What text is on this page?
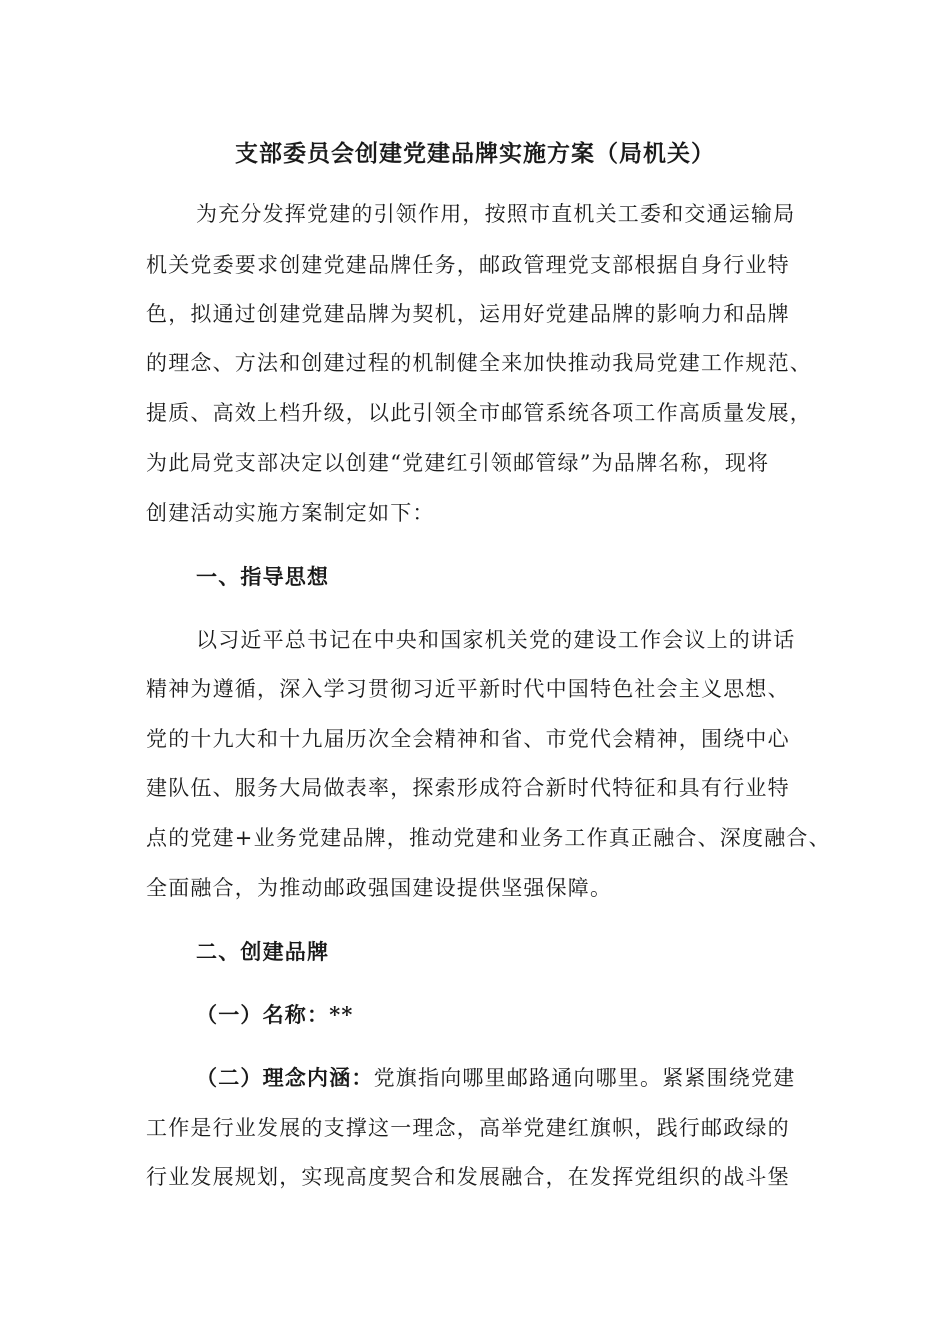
支部委员会创建党建品牌实施方案（局机关）
为充分发挥党建的引领作用，按照市直机关工委和交通运输局
机关党委要求创建党建品牌任务，邮政管理党支部根据自身行业特
色，拟通过创建党建品牌为契机，运用好党建品牌的影响力和品牌
的理念、方法和创建过程的机制健全来加快推动我局党建工作规范、
提质、高效上档升级，以此引领全市邮管系统各项工作高质量发展，
为此局党支部决定以创建“党建红引领邮管绿”为品牌名称，现将
创建活动实施方案制定如下：
一、指导思想
以习近平总书记在中央和国家机关党的建设工作会议上的讲话
精神为遵循，深入学习贯彻习近平新时代中国特色社会主义思想、
党的十九大和十九届历次全会精神和省、市党代会精神，围绕中心
建队伍、服务大局做表率，探索形成符合新时代特征和具有行业特
点的党建+业务党建品牌，推动党建和业务工作真正融合、深度融合、
全面融合，为推动邮政强国建设提供坚强保障。
二、创建品牌
（一）名称：**
（二）理念内涵：党旗指向哪里邮路通向哪里。紧紧围绕党建
工作是行业发展的支撑这一理念，高举党建红旗帜，践行邮政绿的
行业发展规划，实现高度契合和发展融合，在发挥党组织的战斗堡
